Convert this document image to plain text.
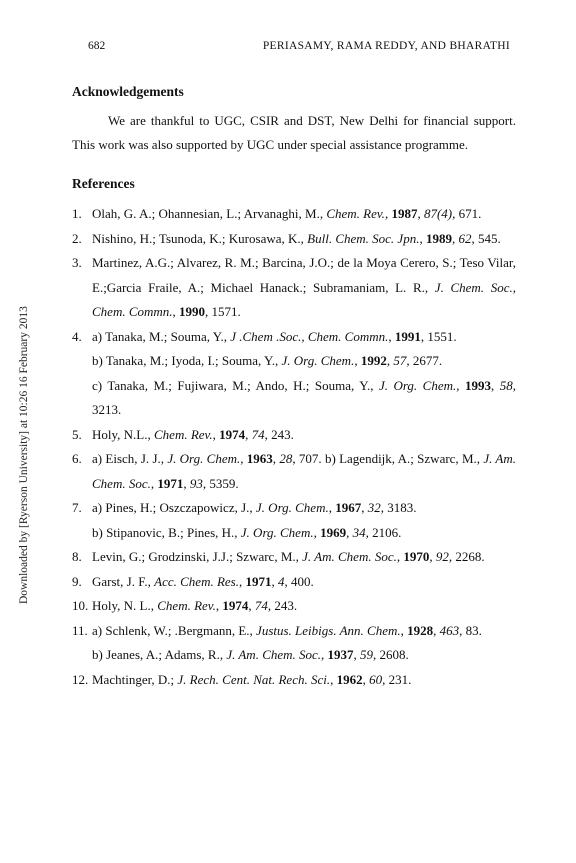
682	PERIASAMY, RAMA REDDY, AND BHARATHI
Downloaded by [Ryerson University] at 10:26 16 February 2013
Acknowledgements

We are thankful to UGC, CSIR and DST, New Delhi for financial support. This work was also supported by UGC under special assistance programme.

References
1. Olah, G. A.; Ohannesian, L.; Arvanaghi, M., Chem. Rev., 1987, 87(4), 671.
2. Nishino, H.; Tsunoda, K.; Kurosawa, K., Bull. Chem. Soc. Jpn., 1989, 62, 545.
3. Martinez, A.G.; Alvarez, R. M.; Barcina, J.O.; de la Moya Cerero, S.; Teso Vilar, E.;Garcia Fraile, A.; Michael Hanack.; Subramaniam, L. R., J. Chem. Soc., Chem. Commn., 1990, 1571.
4. a) Tanaka, M.; Souma, Y., J .Chem .Soc., Chem. Commn., 1991, 1551.
b) Tanaka, M.; Iyoda, I.; Souma, Y., J. Org. Chem., 1992, 57, 2677.
c) Tanaka, M.; Fujiwara, M.; Ando, H.; Souma, Y., J. Org. Chem., 1993, 58, 3213.
5. Holy, N.L., Chem. Rev., 1974, 74, 243.
6. a) Eisch, J. J., J. Org. Chem., 1963, 28, 707. b) Lagendijk, A.; Szwarc, M., J. Am. Chem. Soc., 1971, 93, 5359.
7. a) Pines, H.; Oszczapowicz, J., J. Org. Chem., 1967, 32, 3183.
b) Stipanovic, B.; Pines, H., J. Org. Chem., 1969, 34, 2106.
8. Levin, G.; Grodzinski, J.J.; Szwarc, M., J. Am. Chem. Soc., 1970, 92, 2268.
9. Garst, J. F., Acc. Chem. Res., 1971, 4, 400.
10. Holy, N. L., Chem. Rev., 1974, 74, 243.
11. a) Schlenk, W.; .Bergmann, E., Justus. Leibigs. Ann. Chem., 1928, 463, 83.
b) Jeanes, A.; Adams, R., J. Am. Chem. Soc., 1937, 59, 2608.
12. Machtinger, D.; J. Rech. Cent. Nat. Rech. Sci., 1962, 60, 231.
